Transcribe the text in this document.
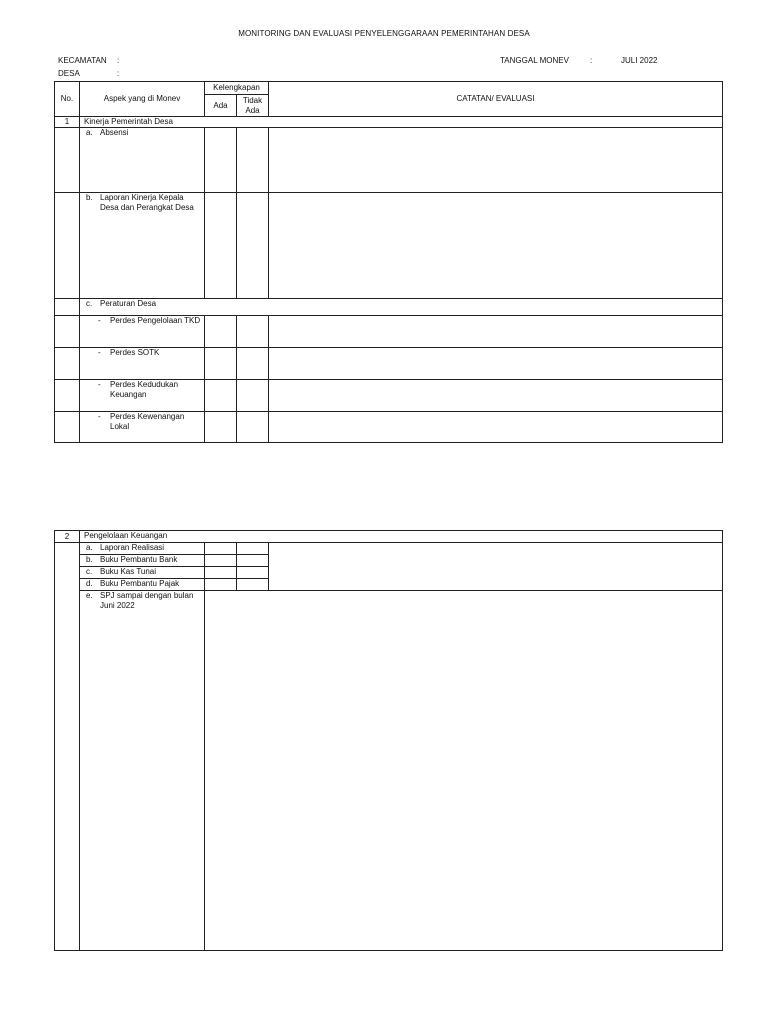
MONITORING DAN EVALUASI PENYELENGGARAAN PEMERINTAHAN DESA
KECAMATAN :
DESA	:
TANGGAL MONEV	:	JULI 2022
No.	Aspek yang di Monev	Kelengkapan		CATATAN/ EVALUASI
		Ada	Tidak Ada	
1	Kinerja Pemerintah Desa			

	a. Absensi			

	b. Laporan Kinerja Kepala Desa dan Perangkat Desa			

	c. Peraturan Desa			

	- Perdes Pengelolaan TKD			

	- Perdes SOTK			

	- Perdes Kedudukan Keuangan			

	- Perdes Kewenangan Lokal			

2	Pengelolaan Keuangan			

	a. Laporan Realisasi			

	b. Buku Pembantu Bank			

	c. Buku Kas Tunai			

	d. Buku Pembantu Pajak			

	e. SPJ sampai dengan bulan Juni 2022			
